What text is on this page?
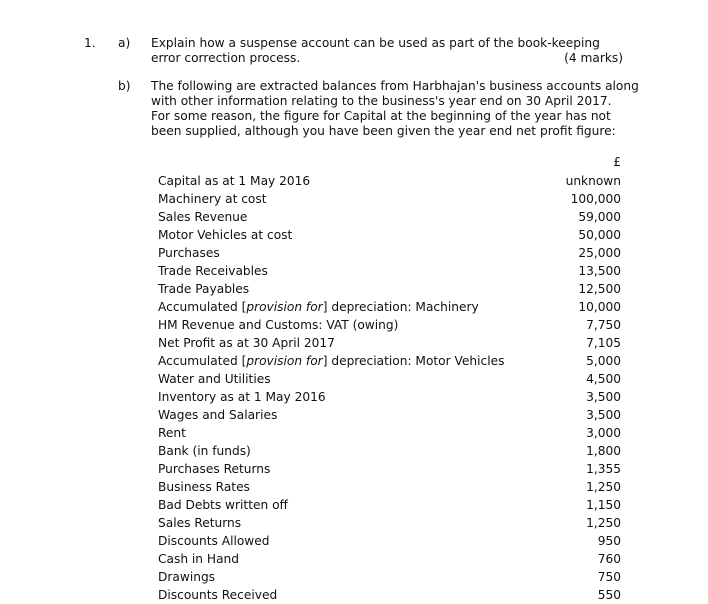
1. a) Explain how a suspense account can be used as part of the book-keeping
error correction process.	(4 marks)
b) The following are extracted balances from Harbhajan's business accounts along
with other information relating to the business's year end on 30 April 2017.
For some reason, the figure for Capital at the beginning of the year has not
been supplied, although you have been given the year end net profit figure:
£
Capital as at 1 May 2016	unknown
Machinery at cost	100,000
Sales Revenue	59,000
Motor Vehicles at cost	50,000
Purchases	25,000
Trade Receivables	13,500
Trade Payables	12,500
Accumulated [provision for] depreciation: Machinery	10,000
HM Revenue and Customs: VAT (owing)	7,750
Net Profit as at 30 April 2017	7,105
Accumulated [provision for] depreciation: Motor Vehicles	5,000
Water and Utilities	4,500
Inventory as at 1 May 2016	3,500
Wages and Salaries	3,500
Rent	3,000
Bank (in funds)	1,800
Purchases Returns	1,355
Business Rates	1,250
Bad Debts written off	1,150
Sales Returns	1,250
Discounts Allowed	950
Cash in Hand	760
Drawings	750
Discounts Received	550
